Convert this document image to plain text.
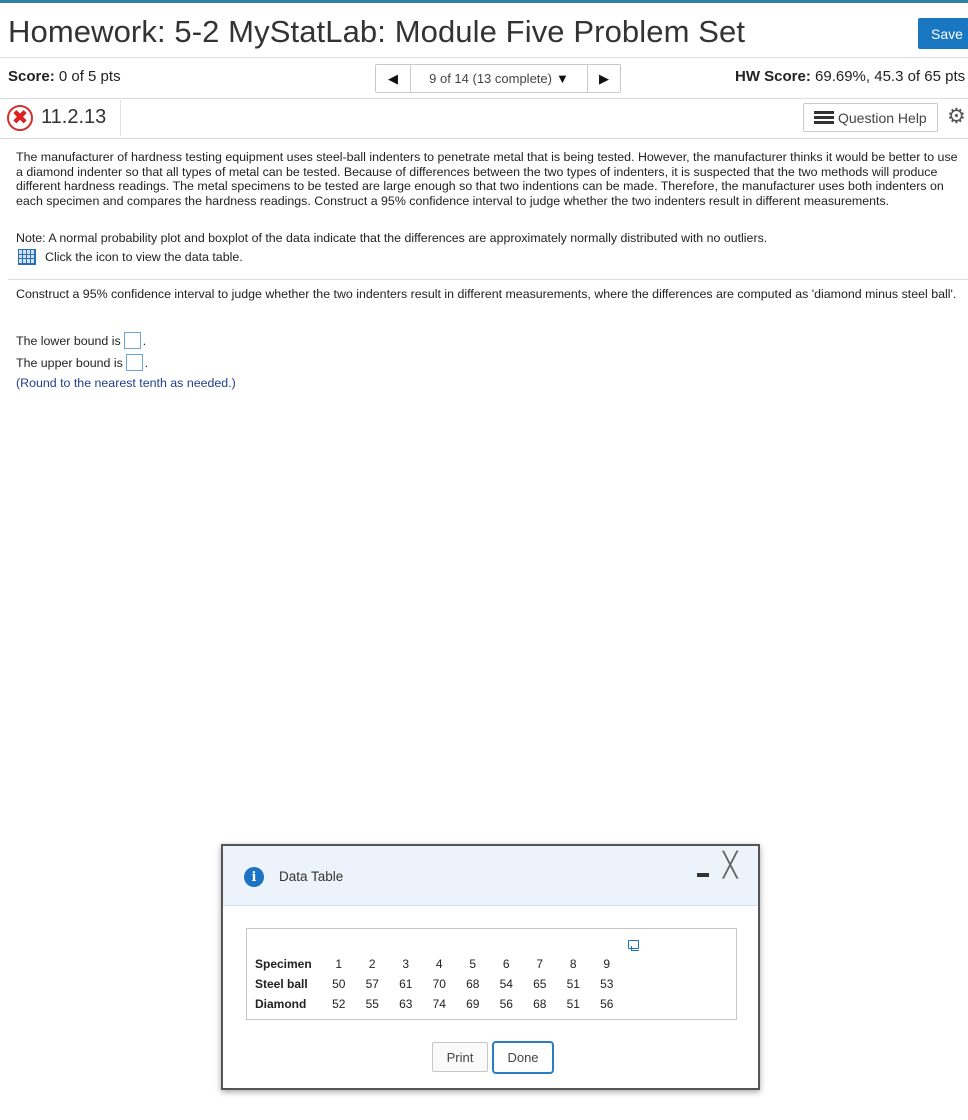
Homework: 5-2 MyStatLab: Module Five Problem Set	Save
Score: 0 of 5 pts	◀ 9 of 14 (13 complete) ▼ ▶	HW Score: 69.69%, 45.3 of 65 pts
✖ 11.2.13	Question Help ⚙

The manufacturer of hardness testing equipment uses steel-ball indenters to penetrate metal that is being tested. However, the manufacturer thinks it would be better to use a diamond indenter so that all types of metal can be tested. Because of differences between the two types of indenters, it is suspected that the two methods will produce different hardness readings. The metal specimens to be tested are large enough so that two indentions can be made. Therefore, the manufacturer uses both indenters on each specimen and compares the hardness readings. Construct a 95% confidence interval to judge whether the two indenters result in different measurements.

Note: A normal probability plot and boxplot of the data indicate that the differences are approximately normally distributed with no outliers.

Click the icon to view the data table.

Construct a 95% confidence interval to judge whether the two indenters result in different measurements, where the differences are computed as 'diamond minus steel ball'.

The lower bound is .
The upper bound is .
(Round to the nearest tenth as needed.)
i	Data Table	╳
Specimen	1	2	3	4	5	6	7	8	9
Steel ball	50	57	61	70	68	54	65	51	53
Diamond	52	55	63	74	69	56	68	51	56
Print	Done
